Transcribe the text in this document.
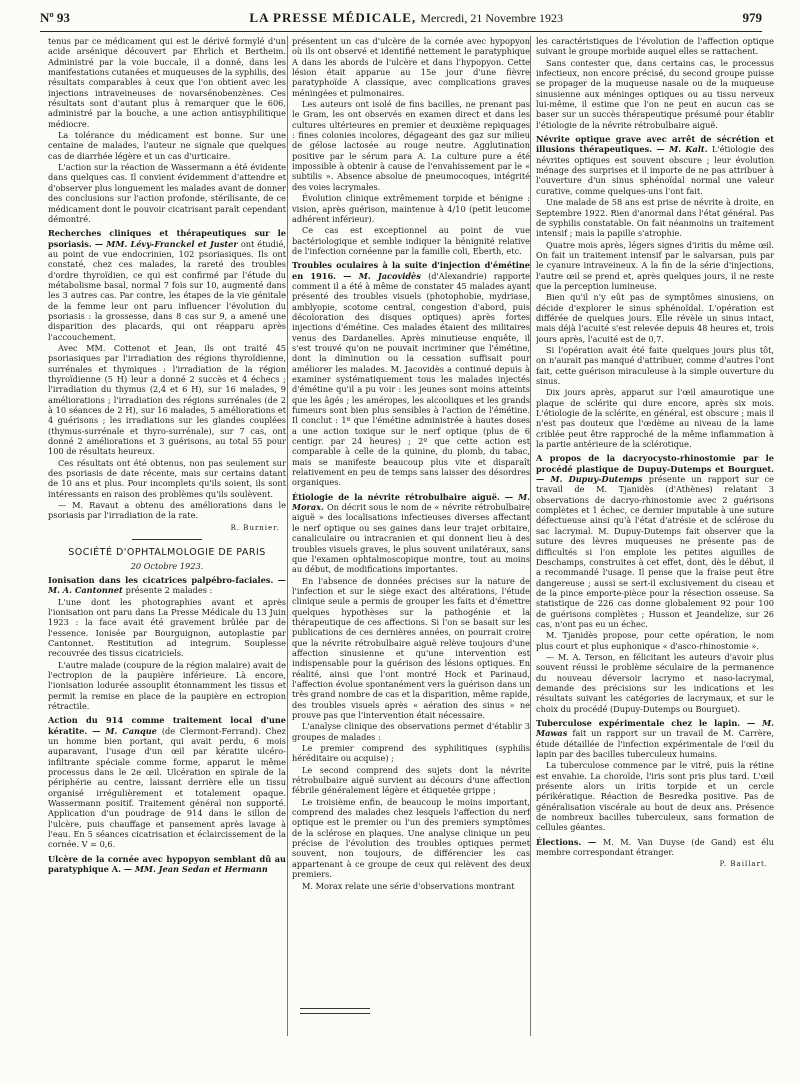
Nº 93	LA PRESSE MÉDICALE, Mercredi, 21 Novembre 1923	979

tenus par ce médicament qui est le dérivé formylé d'un acide arsénique découvert par Ehrlich et Bertheim. Administré par la voie buccale, il a donné, dans les manifestations cutanées et muqueuses de la syphilis, des résultats comparables à ceux que l'on obtient avec les injections intraveineuses de novarsénobenzènes. Ces résultats sont d'autant plus à remarquer que le 606, administré par la bouche, a une action antisyphilitique médiocre.

La tolérance du médicament est bonne. Sur une centaine de malades, l'auteur ne signale que quelques cas de diarrhée légère et un cas d'urticaire.

L'action sur la réaction de Wassermann a été évidente dans quelques cas. Il convient évidemment d'attendre et d'observer plus longuement les malades avant de donner des conclusions sur l'action profonde, stérilisante, de ce médicament dont le pouvoir cicatrisant paraît cependant démontré.

Recherches cliniques et thérapeutiques sur le psoriasis. — MM. Lévy-Franckel et Juster ont étudié, au point de vue endocrinien, 102 psoriasiques. Ils ont constaté, chez ces malades, la rareté des troubles d'ordre thyroïdien, ce qui est confirmé par l'étude du métabolisme basal, normal 7 fois sur 10, augmenté dans les 3 autres cas. Par contre, les étapes de la vie génitale de la femme leur ont paru influencer l'évolution du psoriasis : la grossesse, dans 8 cas sur 9, a amené une disparition des placards, qui ont réapparu après l'accouchement.

Avec MM. Cottenot et Jean, ils ont traité 45 psoriasiques par l'irradiation des régions thyroïdienne, surrénales et thymiques : l'irradiation de la région thyroïdienne (5 H) leur a donné 2 succès et 4 échecs ; l'irradiation du thymus (2,4 et 6 H), sur 16 malades, 9 améliorations ; l'irradiation des régions surrénales (de 2 à 10 séances de 2 H), sur 16 malades, 5 améliorations et 4 guérisons ; les irradiations sur les glandes couplées (thymus-surrénale et thyro-surrénale), sur 7 cas, ont donné 2 améliorations et 3 guérisons, au total 55 pour 100 de résultats heureux.

Ces résultats ont été obtenus, non pas seulement sur des psoriasis de date récente, mais sur certains datant de 10 ans et plus. Pour incomplets qu'ils soient, ils sont intéressants en raison des problèmes qu'ils soulèvent.

— M. Ravaut a obtenu des améliorations dans le psoriasis par l'irradiation de la rate.

R. Burnier.
SOCIÉTÉ D'OPHTALMOLOGIE DE PARIS
20 Octobre 1923.

Ionisation dans les cicatrices palpébro-faciales. — M. A. Cantonnet présente 2 malades :

L'une dont les photographies avant et après l'ionisation ont paru dans La Presse Médicale du 13 Juin 1923 : la face avait été gravement brûlée par de l'essence. Ionisée par Bourguignon, autoplastie par Cantonnet. Restitution ad integrum. Souplesse recouvrée des tissus cicatriciels.

L'autre malade (coupure de la région malaire) avait de l'ectropion de la paupière inférieure. Là encore, l'ionisation lodurée assouplit étonnamment les tissus et permit la remise en place de la paupière en ectropion rétractile.

Action du 914 comme traitement local d'une kératite. — M. Canque (de Clermont-Ferrand). Chez un homme bien portant, qui avait perdu, 6 mois auparavant, l'usage d'un œil par kératite ulcéro-infiltrante spéciale comme forme, apparut le même processus dans le 2e œil. Ulcération en spirale de la périphérie au centre, laissant derrière elle un tissu organisé irrégulièrement et totalement opaque. Wassermann positif. Traitement général non supporté. Application d'un poudrage de 914 dans le sillon de l'ulcère, puis chauffage et pansement après lavage à l'eau. En 5 séances cicatrisation et éclaircissement de la cornée. V = 0,6.

Ulcère de la cornée avec hypopyon semblant dû au paratyphique A. — MM. Jean Sedan et Hermann

présentent un cas d'ulcère de la cornée avec hypopyon où ils ont observé et identifié nettement le paratyphique A dans les abords de l'ulcère et dans l'hypopyon. Cette lésion était apparue au 15e jour d'une fièvre paratyphoïde A classique, avec complications graves méningées et pulmonaires.

Les auteurs ont isolé de fins bacilles, ne prenant pas le Gram, les ont observés en examen direct et dans les cultures ultérieures en premier et deuxième repiquages : fines colonies incolores, dégageant des gaz sur milieu de gélose lactosée au rouge neutre. Agglutination positive par le sérum para A. La culture pure a été impossible à obtenir à cause de l'envahissement par le « subtilis ». Absence absolue de pneumocoques, intégrité des voies lacrymales.

Évolution clinique extrêmement torpide et bénigne : vision, après guérison, maintenue à 4/10 (petit leucome adhérent inférieur).

Ce cas est exceptionnel au point de vue bactériologique et semble indiquer la bénignité relative de l'infection cornéenne par la famille coli, Eberth, etc.

Troubles oculaires à la suite d'injection d'émétine en 1916. — M. Jacovidès (d'Alexandrie) rapporte comment il a été à même de constater 45 malades ayant présenté des troubles visuels (photophobie, mydriase, amblyopie, scotome central, congestion d'abord, puis décoloration des disques optiques) après fortes injections d'émétine. Ces malades étaient des militaires venus des Dardanelles. Après minutieuse enquête, il s'est trouvé qu'on ne pouvait incriminer que l'émétine, dont la diminution ou la cessation suffisait pour améliorer les malades. M. Jacovidès a continué depuis à examiner systématiquement tous les malades injectés d'émétine qu'il a pu voir : les jeunes sont moins atteints que les âgés ; les améropes, les alcooliques et les grands fumeurs sont bien plus sensibles à l'action de l'émétine. Il conclut : 1º que l'émétine administrée à hautes doses a une action toxique sur le nerf optique (plus de 6 centigr. par 24 heures) ; 2º que cette action est comparable à celle de la quinine, du plomb, du tabac, mais se manifeste beaucoup plus vite et disparaît relativement en peu de temps sans laisser des désordres organiques.

Étiologie de la névrite rétrobulbaire aiguë. — M. Morax. On décrit sous le nom de « névrite rétrobulbaire aiguë » des localisations infectieuses diverses affectant le nerf optique ou ses gaines dans leur trajet orbitaire, canaliculaire ou intracranien et qui donnent lieu à des troubles visuels graves, le plus souvent unilatéraux, sans que l'examen ophtalmoscopique montre, tout au moins au début, de modifications importantes.

En l'absence de données précises sur la nature de l'infection et sur le siège exact des altérations, l'étude clinique seule a permis de grouper les faits et d'émettre quelques hypothèses sur la pathogénie et la thérapeutique de ces affections. Si l'on se basait sur les publications de ces dernières années, on pourrait croire que la névrite rétrobulbaire aiguë relève toujours d'une affection sinusienne et qu'une intervention est indispensable pour la guérison des lésions optiques. En réalité, ainsi que l'ont montré Hock et Parinaud, l'affection évolue spontanément vers la guérison dans un très grand nombre de cas et la disparition, même rapide, des troubles visuels après « aération des sinus » ne prouve pas que l'intervention était nécessaire.

L'analyse clinique des observations permet d'établir 3 groupes de malades :

Le premier comprend des syphilitiques (syphilis héréditaire ou acquise) ;

Le second comprend des sujets dont la névrite rétrobulbaire aiguë survient au décours d'une affection fébrile généralement légère et étiquetée grippe ;

Le troisième enfin, de beaucoup le moins important, comprend des malades chez lesquels l'affection du nerf optique est le premier ou l'un des premiers symptômes de la sclérose en plaques. Une analyse clinique un peu précise de l'évolution des troubles optiques permet souvent, non toujours, de différencier les cas appartenant à ce groupe de ceux qui relèvent des deux premiers.

M. Morax relate une série d'observations montrant

les caractéristiques de l'évolution de l'affection optique suivant le groupe morbide auquel elles se rattachent.

Sans contester que, dans certains cas, le processus infectieux, non encore précisé, du second groupe puisse se propager de la muqueuse nasale ou de la muqueuse sinusienne aux méninges optiques ou au tissu nerveux lui-même, il estime que l'on ne peut en aucun cas se baser sur un succès thérapeutique présumé pour établir l'étiologie de la névrite rétrobulbaire aiguë.

Névrite optique grave avec arrêt de sécrétion et illusions thérapeutiques. — M. Kalt. L'étiologie des névrites optiques est souvent obscure ; leur évolution ménage des surprises et il importe de ne pas attribuer à l'ouverture d'un sinus sphénoïdal normal une valeur curative, comme quelques-uns l'ont fait.

Une malade de 58 ans est prise de névrite à droite, en Septembre 1922. Rien d'anormal dans l'état général. Pas de syphilis constatable. On fait néanmoins un traitement intensif ; mais la papille s'atrophie.

Quatre mois après, légers signes d'iritis du même œil. On fait un traitement intensif par le salvarsan, puis par le cyanure intraveineux. A la fin de la série d'injections, l'autre œil se prend et, après quelques jours, il ne reste que la perception lumineuse.

Bien qu'il n'y eût pas de symptômes sinusiens, on décide d'explorer le sinus sphénoïdal. L'opération est différée de quelques jours. Elle révèle un sinus intact, mais déjà l'acuité s'est relevée depuis 48 heures et, trois jours après, l'acuité est de 0,7.

Si l'opération avait été faite quelques jours plus tôt, on n'aurait pas manqué d'attribuer, comme d'autres l'ont fait, cette guérison miraculeuse à la simple ouverture du sinus.

Dix jours après, apparut sur l'œil amaurotique une plaque de sclérite qui dure encore, après six mois. L'étiologie de la sclérite, en général, est obscure ; mais il n'est pas douteux que l'œdème au niveau de la lame criblée peut être rapproché de la même inflammation à la partie antérieure de la sclérotique.

A propos de la dacryocysto-rhinostomie par le procédé plastique de Dupuy-Dutemps et Bourguet. — M. Dupuy-Dutemps présente un rapport sur ce travail de M. Tjanidès (d'Athènes) relatant 3 observations de dacryo-rhinostomie avec 2 guérisons complètes et 1 échec, ce dernier imputable à une suture défectueuse ainsi qu'à l'état d'atrésie et de sclérose du sac lacrymal. M. Dupuy-Dutemps fait observer que la suture des lèvres muqueuses ne présente pas de difficultés si l'on emploie les petites aiguilles de Deschamps, construites à cet effet, dont, dès le début, il a recommandé l'usage. Il pense que la fraise peut être dangereuse ; aussi se sert-il exclusivement du ciseau et de la pince emporte-pièce pour la résection osseuse. Sa statistique de 226 cas donne globalement 92 pour 100 de guérisons complètes ; Husson et Jeandelize, sur 26 cas, n'ont pas eu un échec.

M. Tjanidès propose, pour cette opération, le nom plus court et plus euphonique « d'asco-rhinostomie ».

— M. A. Terson, en félicitant les auteurs d'avoir plus souvent réussi le problème séculaire de la permanence du nouveau déversoir lacrymo et naso-lacrymal, demande des précisions sur les indications et les résultats suivant les catégories de lacrymaux, et sur le choix du procédé (Dupuy-Dutemps ou Bourguet).

Tuberculose expérimentale chez le lapin. — M. Mawas fait un rapport sur un travail de M. Carrère, étude détaillée de l'infection expérimentale de l'œil du lapin par des bacilles tuberculeux humains.

La tuberculose commence par le vitré, puis la rétine est envahie. La choroïde, l'iris sont pris plus tard. L'œil présente alors un iritis torpide et un cercle périkératique. Réaction de Besredka positive. Pas de généralisation viscérale au bout de deux ans. Présence de nombreux bacilles tuberculeux, sans formation de cellules géantes.

Élections. — M. M. Van Duyse (de Gand) est élu membre correspondant étranger.

P. Baillart.
